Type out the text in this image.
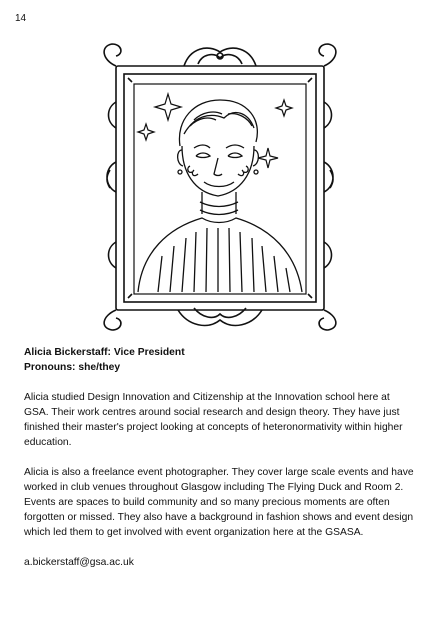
14

Alicia Bickerstaff: Vice President

Pronouns: she/they

Alicia studied Design Innovation and Citizenship at the Innovation school here at GSA. Their work centres around social research and design theory. They have just finished their master's project looking at concepts of heteronormativity within higher education.

Alicia is also a freelance event photographer. They cover large scale events and have worked in club venues throughout Glasgow including The Flying Duck and Room 2. Events are spaces to build community and so many precious moments are often forgotten or missed. They also have a background in fashion shows and event design which led them to get involved with event organization here at the GSASA.

a.bickerstaff@gsa.ac.uk
